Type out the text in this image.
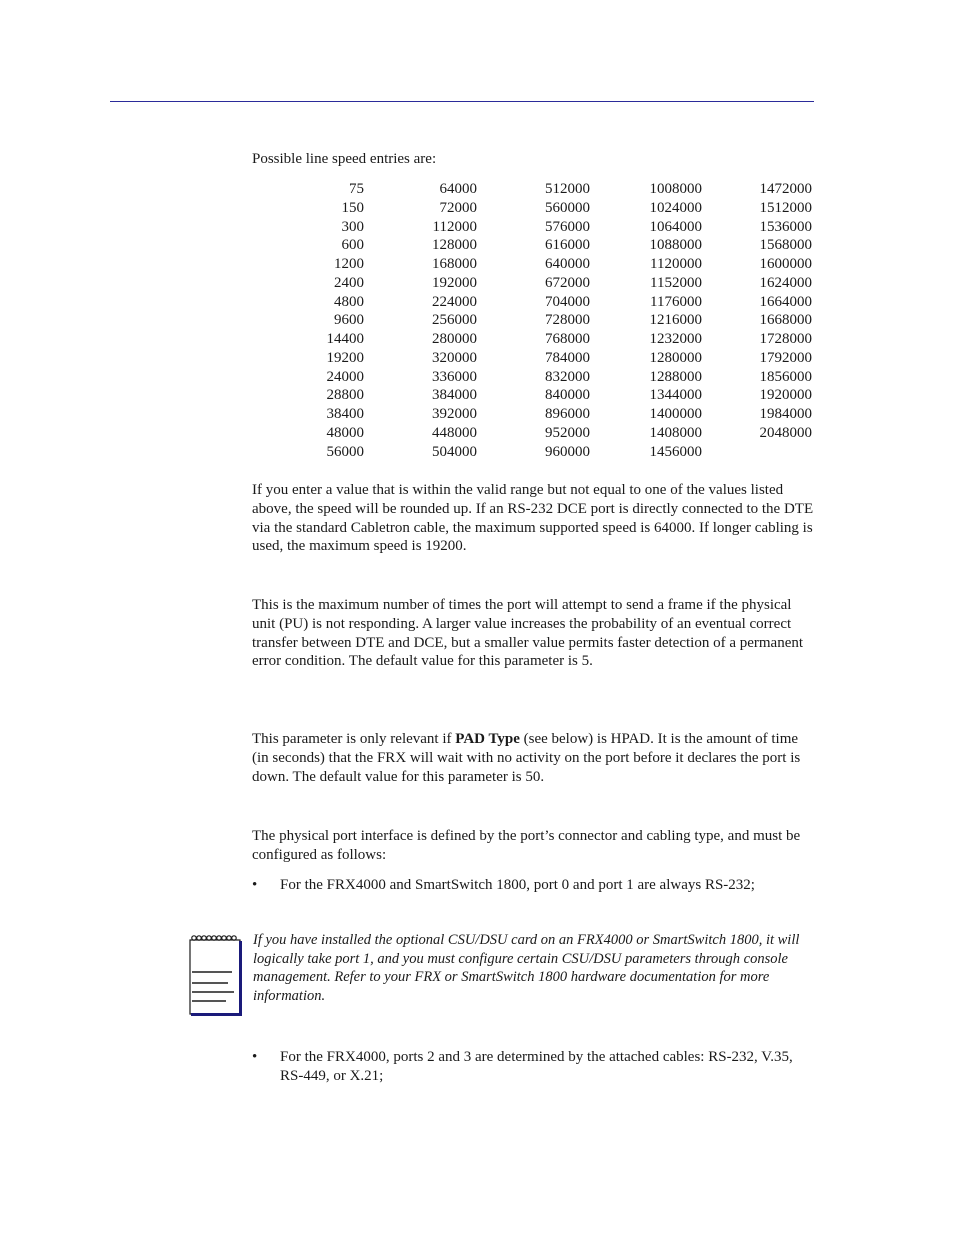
Possible line speed entries are:

75	64000	512000	1008000	1472000
150	72000	560000	1024000	1512000
300	112000	576000	1064000	1536000
600	128000	616000	1088000	1568000
1200	168000	640000	1120000	1600000
2400	192000	672000	1152000	1624000
4800	224000	704000	1176000	1664000
9600	256000	728000	1216000	1668000
14400	280000	768000	1232000	1728000
19200	320000	784000	1280000	1792000
24000	336000	832000	1288000	1856000
28800	384000	840000	1344000	1920000
38400	392000	896000	1400000	1984000
48000	448000	952000	1408000	2048000
56000	504000	960000	1456000	

If you enter a value that is within the valid range but not equal to one of the values listed above, the speed will be rounded up. If an RS-232 DCE port is directly connected to the DTE via the standard Cabletron cable, the maximum supported speed is 64000. If longer cabling is used, the maximum speed is 19200.

This is the maximum number of times the port will attempt to send a frame if the physical unit (PU) is not responding. A larger value increases the probability of an eventual correct transfer between DTE and DCE, but a smaller value permits faster detection of a permanent error condition. The default value for this parameter is 5.

This parameter is only relevant if PAD Type (see below) is HPAD. It is the amount of time (in seconds) that the FRX will wait with no activity on the port before it declares the port is down. The default value for this parameter is 50.

The physical port interface is defined by the port’s connector and cabling type, and must be configured as follows:

• For the FRX4000 and SmartSwitch 1800, port 0 and port 1 are always RS-232;
If you have installed the optional CSU/DSU card on an FRX4000 or SmartSwitch 1800, it will logically take port 1, and you must configure certain CSU/DSU parameters through console management. Refer to your FRX or SmartSwitch 1800 hardware documentation for more information.
• For the FRX4000, ports 2 and 3 are determined by the attached cables: RS-232, V.35, RS-449, or X.21;
